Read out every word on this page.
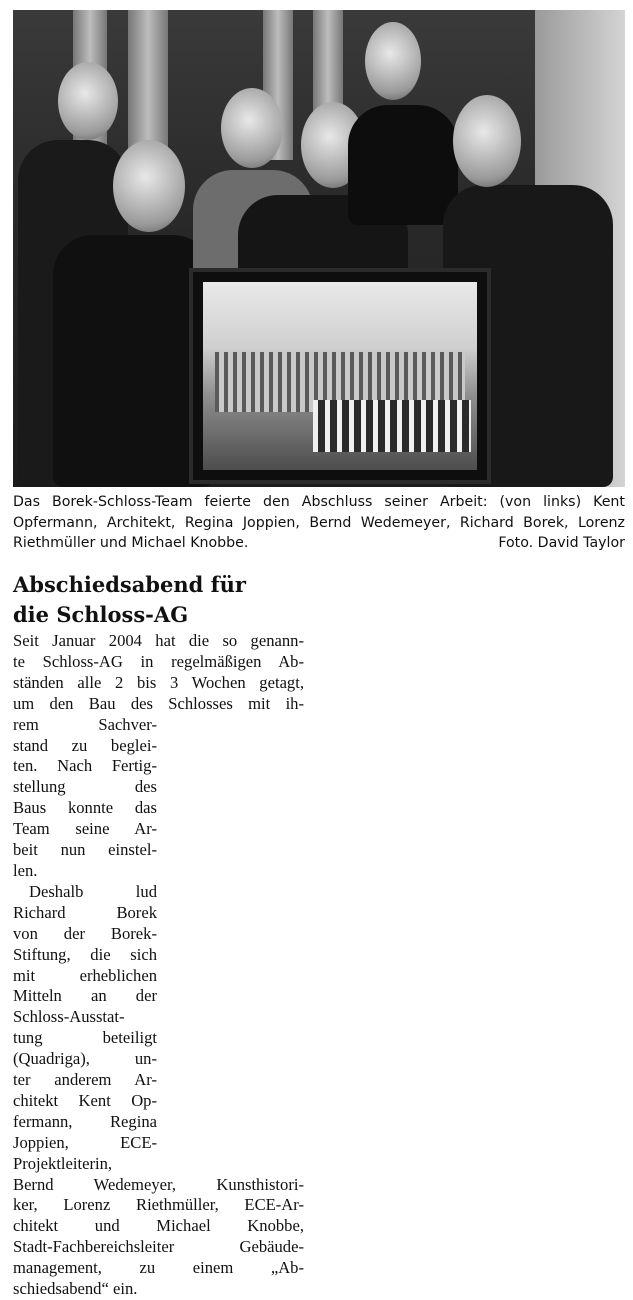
Das Borek-Schloss-Team feierte den Abschluss seiner Arbeit: (von links) Kent Opfermann, Architekt, Regina Joppien, Bernd Wedemeyer, Richard Borek, Lorenz Riethmüller und Michael Knobbe.	Foto. David Taylor
Abschiedsabend für
die Schloss-AG
Seit Januar 2004 hat die so genann-
te Schloss-AG in regelmäßigen Ab-
ständen alle 2 bis 3 Wochen getagt,
um den Bau des Schlosses mit ih-
rem Sachver-
stand zu beglei-
ten. Nach Fertig-
stellung des
Baus konnte das
Team seine Ar-
beit nun einstel-
len.
Deshalb lud
Richard Borek
von der Borek-
Stiftung, die sich
mit erheblichen
Mitteln an der
Schloss-Ausstat-
tung beteiligt
(Quadriga), un-
ter anderem Ar-
chitekt Kent Op-
fermann, Regina
Joppien, ECE-
Projektleiterin,
Bernd Wedemeyer, Kunsthistori-
ker, Lorenz Riethmüller, ECE-Ar-
chitekt und Michael Knobbe,
Stadt-Fachbereichsleiter Gebäude-
management, zu einem „Ab-
schiedsabend“ ein.
